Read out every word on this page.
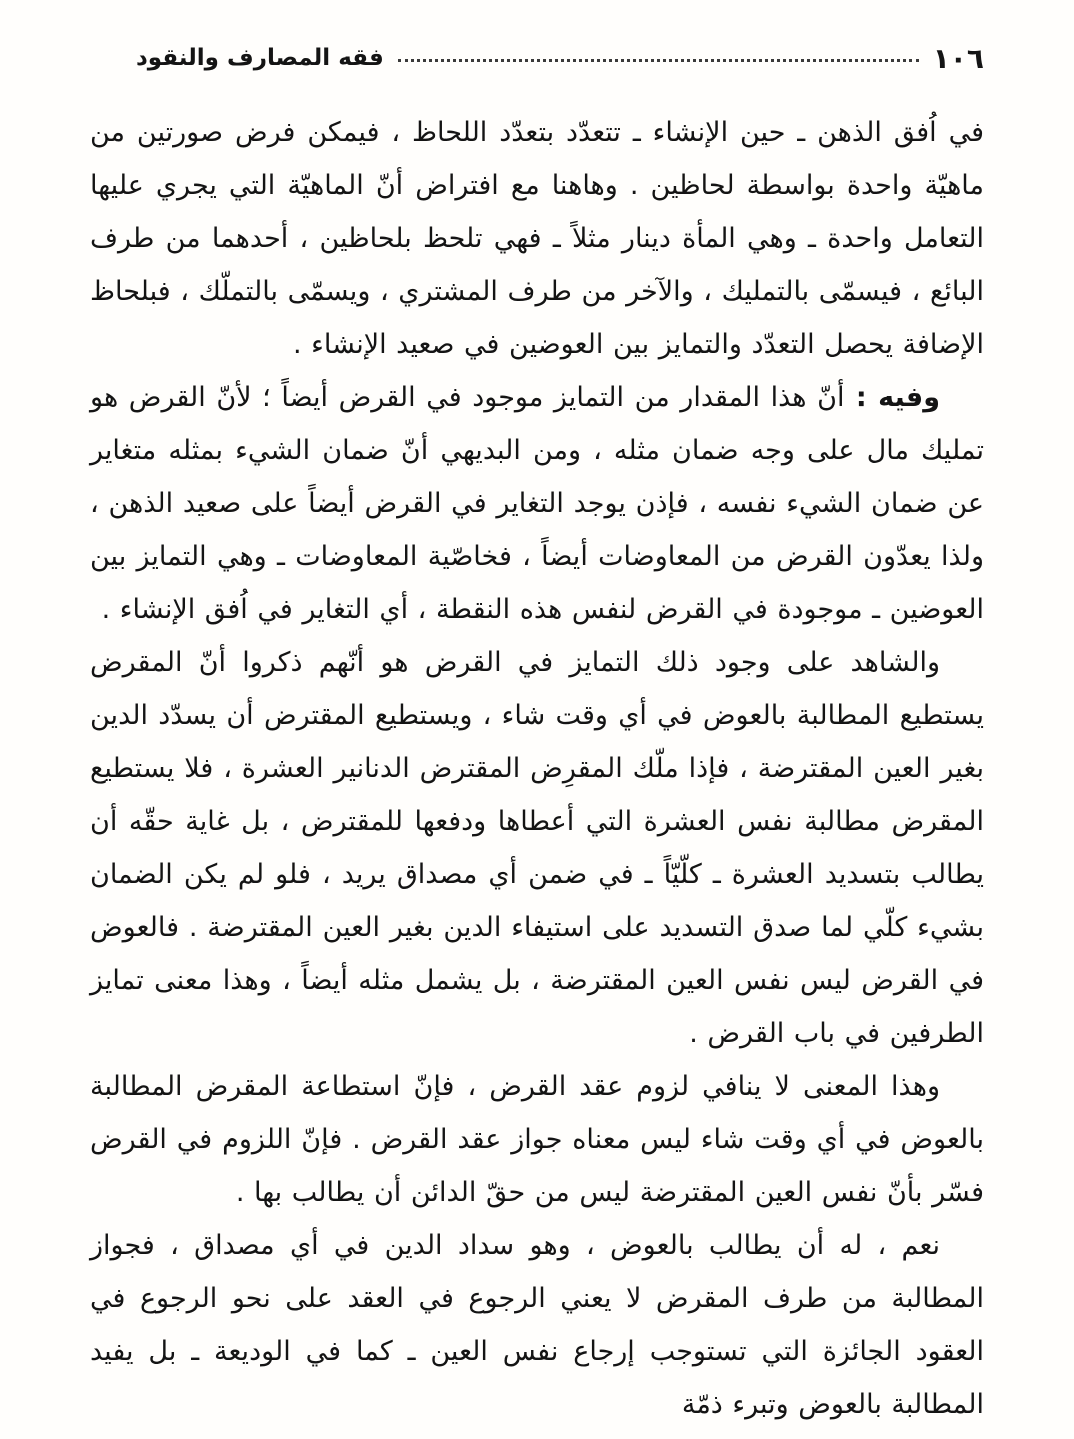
فقه المصارف والنقود	١٠٦

في اُفق الذهن ـ حين الإنشاء ـ تتعدّد بتعدّد اللحاظ ، فيمكن فرض صورتين من ماهيّة واحدة بواسطة لحاظين . وهاهنا مع افتراض أنّ الماهيّة التي يجري عليها التعامل واحدة ـ وهي المأة دينار مثلاً ـ فهي تلحظ بلحاظين ، أحدهما من طرف البائع ، فيسمّى بالتمليك ، والآخر من طرف المشتري ، ويسمّى بالتملّك ، فبلحاظ الإضافة يحصل التعدّد والتمايز بين العوضين في صعيد الإنشاء .

وفيه : أنّ هذا المقدار من التمايز موجود في القرض أيضاً ؛ لأنّ القرض هو تمليك مال على وجه ضمان مثله ، ومن البديهي أنّ ضمان الشيء بمثله متغاير عن ضمان الشيء نفسه ، فإذن يوجد التغاير في القرض أيضاً على صعيد الذهن ، ولذا يعدّون القرض من المعاوضات أيضاً ، فخاصّية المعاوضات ـ وهي التمايز بين العوضين ـ موجودة في القرض لنفس هذه النقطة ، أي التغاير في اُفق الإنشاء .

والشاهد على وجود ذلك التمايز في القرض هو أنّهم ذكروا أنّ المقرض يستطيع المطالبة بالعوض في أي وقت شاء ، ويستطيع المقترض أن يسدّد الدين بغير العين المقترضة ، فإذا ملّك المقرِض المقترض الدنانير العشرة ، فلا يستطيع المقرض مطالبة نفس العشرة التي أعطاها ودفعها للمقترض ، بل غاية حقّه أن يطالب بتسديد العشرة ـ كلّيّاً ـ في ضمن أي مصداق يريد ، فلو لم يكن الضمان بشيء كلّي لما صدق التسديد على استيفاء الدين بغير العين المقترضة . فالعوض في القرض ليس نفس العين المقترضة ، بل يشمل مثله أيضاً ، وهذا معنى تمايز الطرفين في باب القرض .

وهذا المعنى لا ينافي لزوم عقد القرض ، فإنّ استطاعة المقرض المطالبة بالعوض في أي وقت شاء ليس معناه جواز عقد القرض . فإنّ اللزوم في القرض فسّر بأنّ نفس العين المقترضة ليس من حقّ الدائن أن يطالب بها .

نعم ، له أن يطالب بالعوض ، وهو سداد الدين في أي مصداق ، فجواز المطالبة من طرف المقرض لا يعني الرجوع في العقد على نحو الرجوع في العقود الجائزة التي تستوجب إرجاع نفس العين ـ كما في الوديعة ـ بل يفيد المطالبة بالعوض وتبرء ذمّة
